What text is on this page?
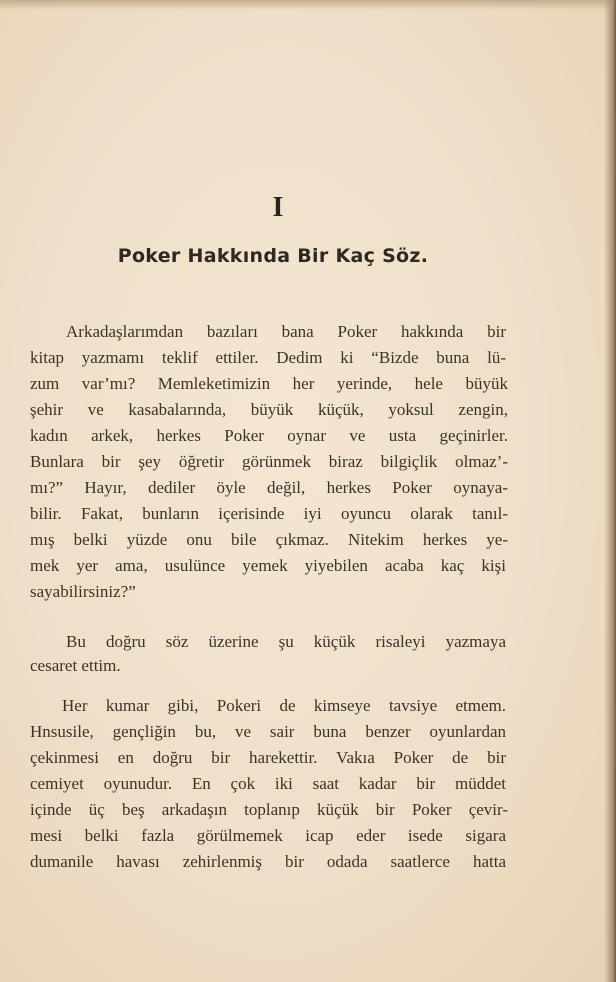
I
Poker Hakkında Bir Kaç Söz.
Arkadaşlarımdan bazıları bana Poker hakkında bir
kitap yazmamı teklif ettiler. Dedim ki “Bizde buna lü-
zum var’mı? Memleketimizin her yerinde, hele büyük
şehir ve kasabalarında, büyük küçük, yoksul zengin,
kadın arkek, herkes Poker oynar ve usta geçinirler.
Bunlara bir şey öğretir görünmek biraz bilgiçlik olmaz’-
mı?” Hayır, dediler öyle değil, herkes Poker oynaya-
bilir. Fakat, bunların içerisinde iyi oyuncu olarak tanıl-
mış belki yüzde onu bile çıkmaz. Nitekim herkes ye-
mek yer ama, usulünce yemek yiyebilen acaba kaç kişi
sayabilirsiniz?”
Bu doğru söz üzerine şu küçük risaleyi yazmaya
cesaret ettim.
Her kumar gibi, Pokeri de kimseye tavsiye etmem.
Hnsusile, gençliğin bu, ve sair buna benzer oyunlardan
çekinmesi en doğru bir harekettir. Vakıa Poker de bir
cemiyet oyunudur. En çok iki saat kadar bir müddet
içinde üç beş arkadaşın toplanıp küçük bir Poker çevir-
mesi belki fazla görülmemek icap eder isede sigara
dumanile havası zehirlenmiş bir odada saatlerce hatta
